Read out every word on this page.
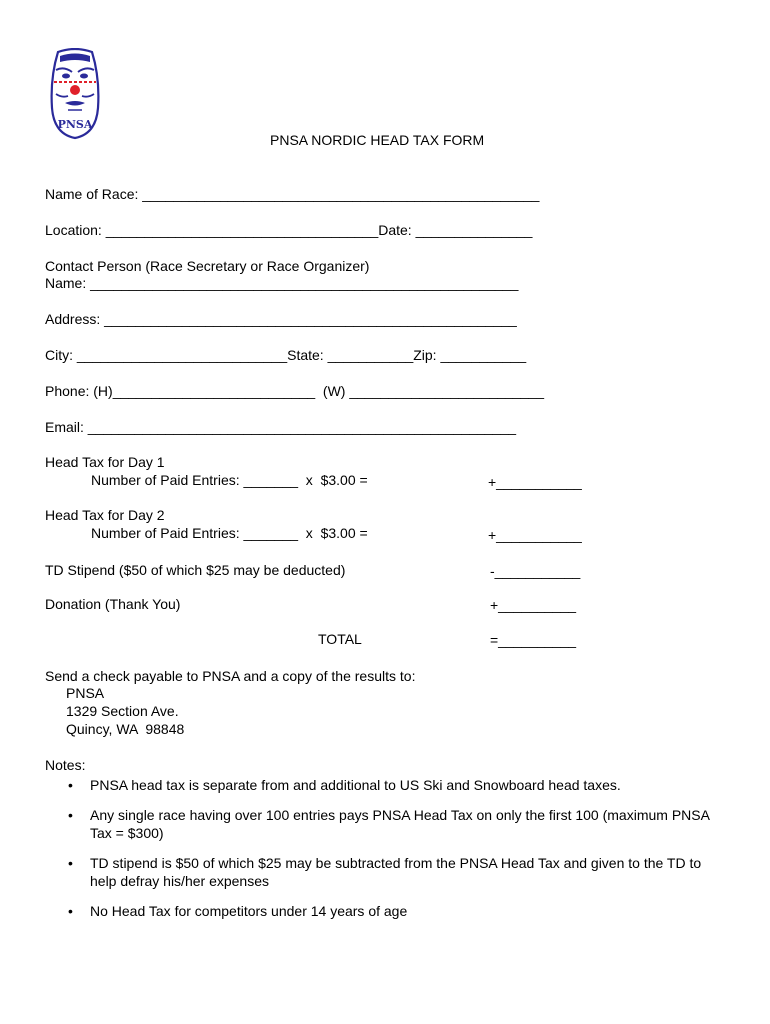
PNSA
PNSA NORDIC HEAD TAX FORM
Name of Race: ___________________________________________________
Location: ___________________________________Date: _______________
Contact Person (Race Secretary or Race Organizer)
Name: _______________________________________________________
Address: _____________________________________________________
City: ___________________________State: ___________Zip: ___________
Phone: (H)__________________________  (W) _________________________
Email: _______________________________________________________
Head Tax for Day 1
Number of Paid Entries: _______  x  $3.00 =	+___________
Head Tax for Day 2
Number of Paid Entries: _______  x  $3.00 =	+___________
TD Stipend ($50 of which $25 may be deducted)	-___________
Donation (Thank You)	+__________
TOTAL	=__________
Send a check payable to PNSA and a copy of the results to:
PNSA
1329 Section Ave.
Quincy, WA  98848
Notes:
• PNSA head tax is separate from and additional to US Ski and Snowboard head taxes.
• Any single race having over 100 entries pays PNSA Head Tax on only the first 100 (maximum PNSA Tax = $300)
• TD stipend is $50 of which $25 may be subtracted from the PNSA Head Tax and given to the TD to help defray his/her expenses
• No Head Tax for competitors under 14 years of age
